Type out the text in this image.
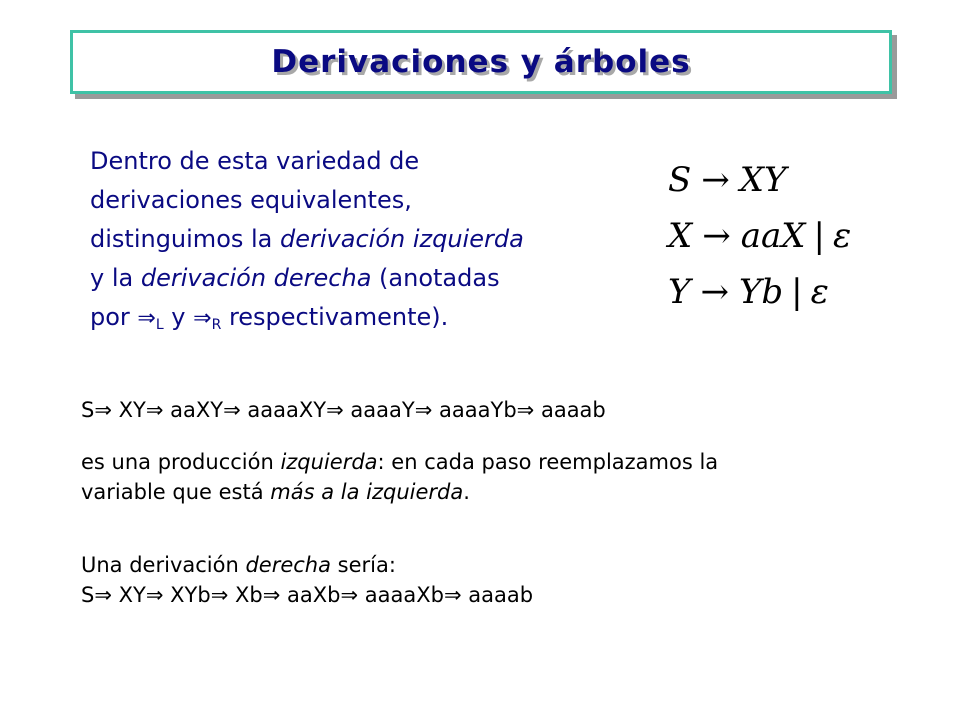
Derivaciones y árboles
Dentro de esta variedad de
derivaciones equivalentes,
distinguimos la derivación izquierda
y la derivación derecha (anotadas
por $\Rightarrow_L$ y $\Rightarrow_R$ respectivamente).
S → XY
X → aaX | ε
Y → Yb | ε
S⇒ XY⇒ aaXY⇒ aaaaXY⇒ aaaaY⇒ aaaaYb⇒ aaaab
es una producción izquierda: en cada paso reemplazamos la
variable que está más a la izquierda.
Una derivación derecha sería:
S⇒ XY⇒ XYb⇒ Xb⇒ aaXb⇒ aaaaXb⇒ aaaab
